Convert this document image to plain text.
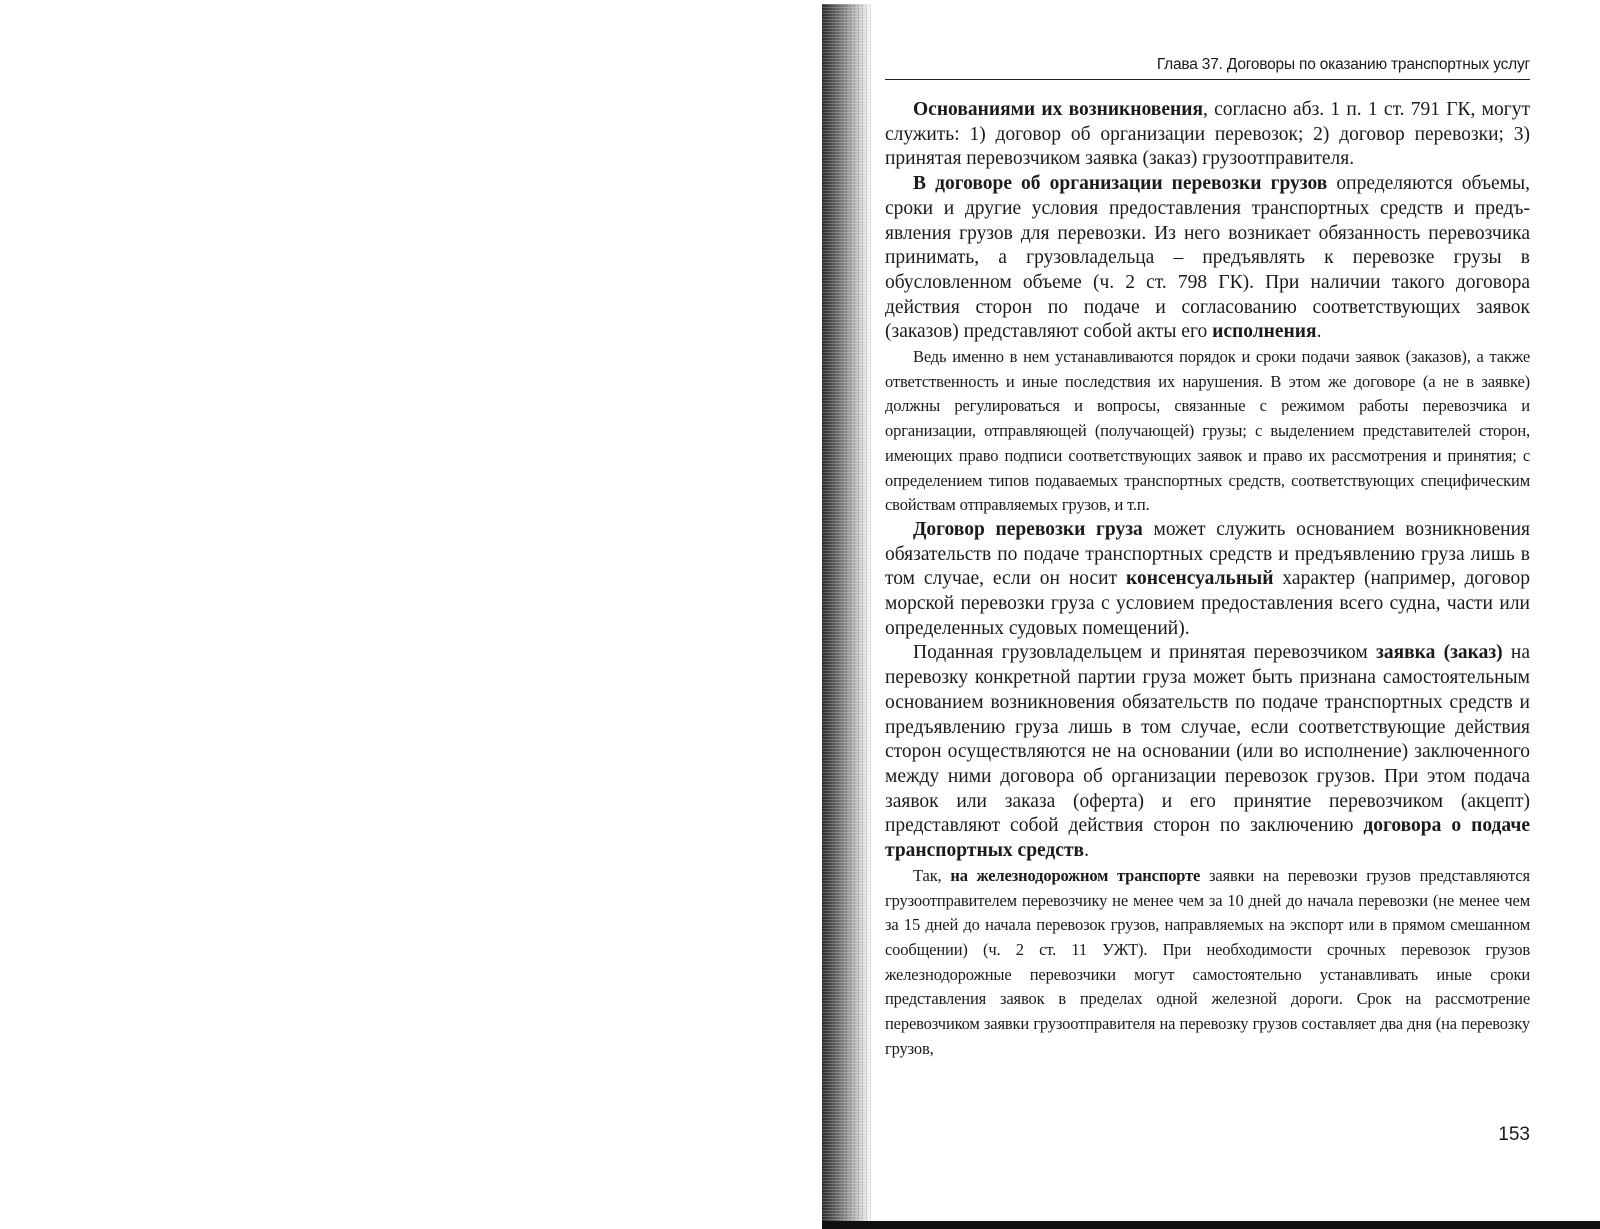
Глава 37. Договоры по оказанию транспортных услуг

Основаниями их возникновения, согласно абз. 1 п. 1 ст. 791 ГК, могут служить: 1) договор об организации перевозок; 2) договор перевозки; 3) принятая перевозчиком заявка (заказ) грузоотправителя.

В договоре об организации перевозки грузов определяются объемы, сроки и другие условия предоставления транспортных средств и предъявления грузов для перевозки. Из него возникает обязанность перевозчика принимать, а грузовладельца – предъявлять к перевозке грузы в обусловленном объеме (ч. 2 ст. 798 ГК). При наличии такого договора действия сторон по подаче и согласованию соответствующих заявок (заказов) представляют собой акты его исполнения.

Ведь именно в нем устанавливаются порядок и сроки подачи заявок (заказов), а также ответственность и иные последствия их нарушения. В этом же договоре (а не в заявке) должны регулироваться и вопросы, связанные с режимом работы перевозчика и организации, отправляющей (получающей) грузы; с выделением представителей сторон, имеющих право подписи соответствующих заявок и право их рассмотрения и принятия; с определением типов подаваемых транспортных средств, соответствующих специфическим свойствам отправляемых грузов, и т.п.

Договор перевозки груза может служить основанием возникновения обязательств по подаче транспортных средств и предъявлению груза лишь в том случае, если он носит консенсуальный характер (например, договор морской перевозки груза с условием предоставления всего судна, части или определенных судовых помещений).

Поданная грузовладельцем и принятая перевозчиком заявка (заказ) на перевозку конкретной партии груза может быть признана самостоятельным основанием возникновения обязательств по подаче транспортных средств и предъявлению груза лишь в том случае, если соответствующие действия сторон осуществляются не на основании (или во исполнение) заключенного между ними договора об организации перевозок грузов. При этом подача заявок или заказа (оферта) и его принятие перевозчиком (акцепт) представляют собой действия сторон по заключению договора о подаче транспортных средств.

Так, на железнодорожном транспорте заявки на перевозки грузов представляются грузоотправителем перевозчику не менее чем за 10 дней до начала перевозки (не менее чем за 15 дней до начала перевозок грузов, направляемых на экспорт или в прямом смешанном сообщении) (ч. 2 ст. 11 УЖТ). При необходимости срочных перевозок грузов железнодорожные перевозчики могут самостоятельно устанавливать иные сроки представления заявок в пределах одной железной дороги. Срок на рассмотрение перевозчиком заявки грузоотправителя на перевозку грузов составляет два дня (на перевозку грузов,

153
